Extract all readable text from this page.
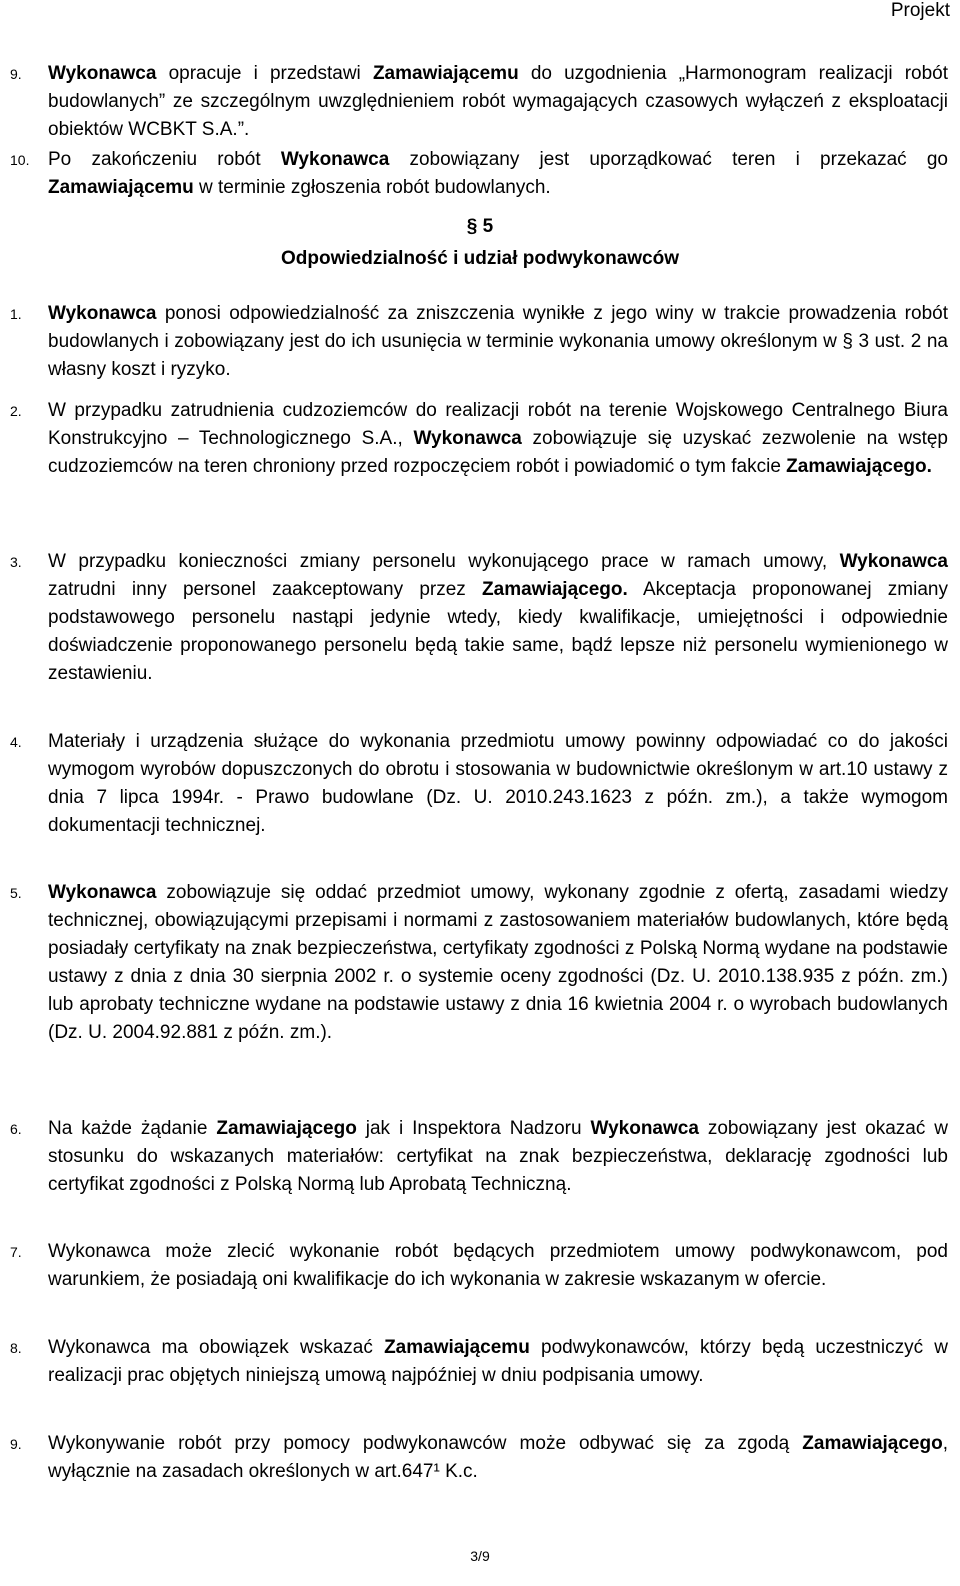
Projekt
9. Wykonawca opracuje i przedstawi Zamawiającemu do uzgodnienia „Harmonogram realizacji robót budowlanych” ze szczególnym uwzględnieniem robót wymagających czasowych wyłączeń z eksploatacji obiektów WCBKT S.A.”.
10. Po zakończeniu robót Wykonawca zobowiązany jest uporządkować teren i przekazać go Zamawiającemu w terminie zgłoszenia robót budowlanych.
§ 5
Odpowiedzialność i udział podwykonawców
1. Wykonawca ponosi odpowiedzialność za zniszczenia wynikłe z jego winy w trakcie prowadzenia robót budowlanych i zobowiązany jest do ich usunięcia w terminie wykonania umowy określonym w § 3 ust. 2 na własny koszt i ryzyko.
2. W przypadku zatrudnienia cudzoziemców do realizacji robót na terenie Wojskowego Centralnego Biura Konstrukcyjno – Technologicznego S.A., Wykonawca zobowiązuje się uzyskać zezwolenie na wstęp cudzoziemców na teren chroniony przed rozpoczęciem robót i powiadomić o tym fakcie Zamawiającego.
3. W przypadku konieczności zmiany personelu wykonującego prace w ramach umowy, Wykonawca zatrudni inny personel zaakceptowany przez Zamawiającego. Akceptacja proponowanej zmiany podstawowego personelu nastąpi jedynie wtedy, kiedy kwalifikacje, umiejętności i odpowiednie doświadczenie proponowanego personelu będą takie same, bądź lepsze niż personelu wymienionego w zestawieniu.
4. Materiały i urządzenia służące do wykonania przedmiotu umowy powinny odpowiadać co do jakości wymogom wyrobów dopuszczonych do obrotu i stosowania w budownictwie określonym w art.10 ustawy z dnia 7 lipca 1994r. - Prawo budowlane (Dz. U. 2010.243.1623 z późn. zm.), a także wymogom dokumentacji technicznej.
5. Wykonawca zobowiązuje się oddać przedmiot umowy, wykonany zgodnie z ofertą, zasadami wiedzy technicznej, obowiązującymi przepisami i normami z zastosowaniem materiałów budowlanych, które będą posiadały certyfikaty na znak bezpieczeństwa, certyfikaty zgodności z Polską Normą wydane na podstawie ustawy z dnia z dnia 30 sierpnia 2002 r. o systemie oceny zgodności (Dz. U. 2010.138.935 z późn. zm.) lub aprobaty techniczne wydane na podstawie ustawy z dnia 16 kwietnia 2004 r. o wyrobach budowlanych (Dz. U. 2004.92.881 z późn. zm.).
6. Na każde żądanie Zamawiającego jak i Inspektora Nadzoru Wykonawca zobowiązany jest okazać w stosunku do wskazanych materiałów: certyfikat na znak bezpieczeństwa, deklarację zgodności lub certyfikat zgodności z Polską Normą lub Aprobatą Techniczną.
7. Wykonawca może zlecić wykonanie robót będących przedmiotem umowy podwykonawcom, pod warunkiem, że posiadają oni kwalifikacje do ich wykonania w zakresie wskazanym w ofercie.
8. Wykonawca ma obowiązek wskazać Zamawiającemu podwykonawców, którzy będą uczestniczyć w realizacji prac objętych niniejszą umową najpóźniej w dniu podpisania umowy.
9. Wykonywanie robót przy pomocy podwykonawców może odbywać się za zgodą Zamawiającego, wyłącznie na zasadach określonych w art.647¹ K.c.
3/9
